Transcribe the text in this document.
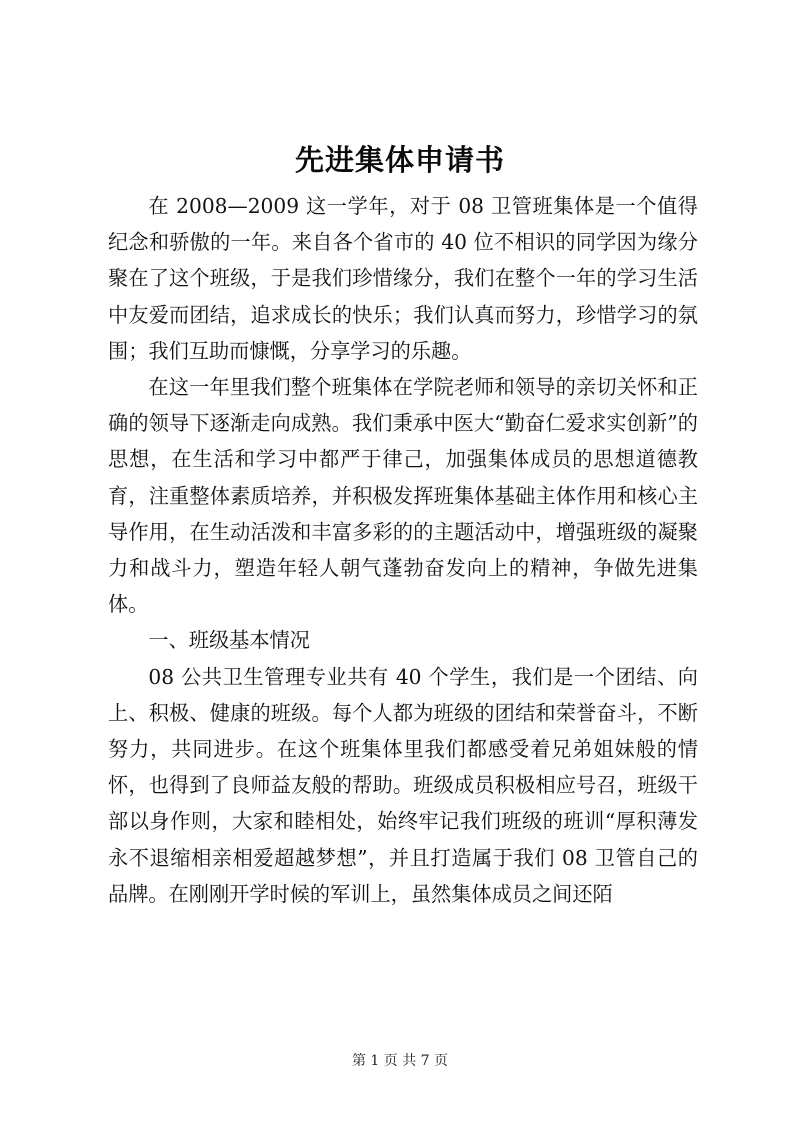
先进集体申请书

在 2008—2009 这一学年，对于 08 卫管班集体是一个值得纪念和骄傲的一年。来自各个省市的 40 位不相识的同学因为缘分聚在了这个班级，于是我们珍惜缘分，我们在整个一年的学习生活中友爱而团结，追求成长的快乐；我们认真而努力，珍惜学习的氛围；我们互助而慷慨，分享学习的乐趣。

在这一年里我们整个班集体在学院老师和领导的亲切关怀和正确的领导下逐渐走向成熟。我们秉承中医大“勤奋仁爱求实创新”的思想，在生活和学习中都严于律己，加强集体成员的思想道德教育，注重整体素质培养，并积极发挥班集体基础主体作用和核心主导作用，在生动活泼和丰富多彩的的主题活动中，增强班级的凝聚力和战斗力，塑造年轻人朝气蓬勃奋发向上的精神，争做先进集体。

一、班级基本情况

08 公共卫生管理专业共有 40 个学生，我们是一个团结、向上、积极、健康的班级。每个人都为班级的团结和荣誉奋斗，不断努力，共同进步。在这个班集体里我们都感受着兄弟姐妹般的情怀，也得到了良师益友般的帮助。班级成员积极相应号召，班级干部以身作则，大家和睦相处，始终牢记我们班级的班训“厚积薄发永不退缩相亲相爱超越梦想”，并且打造属于我们 08 卫管自己的品牌。在刚刚开学时候的军训上，虽然集体成员之间还陌

第 1 页 共 7 页
